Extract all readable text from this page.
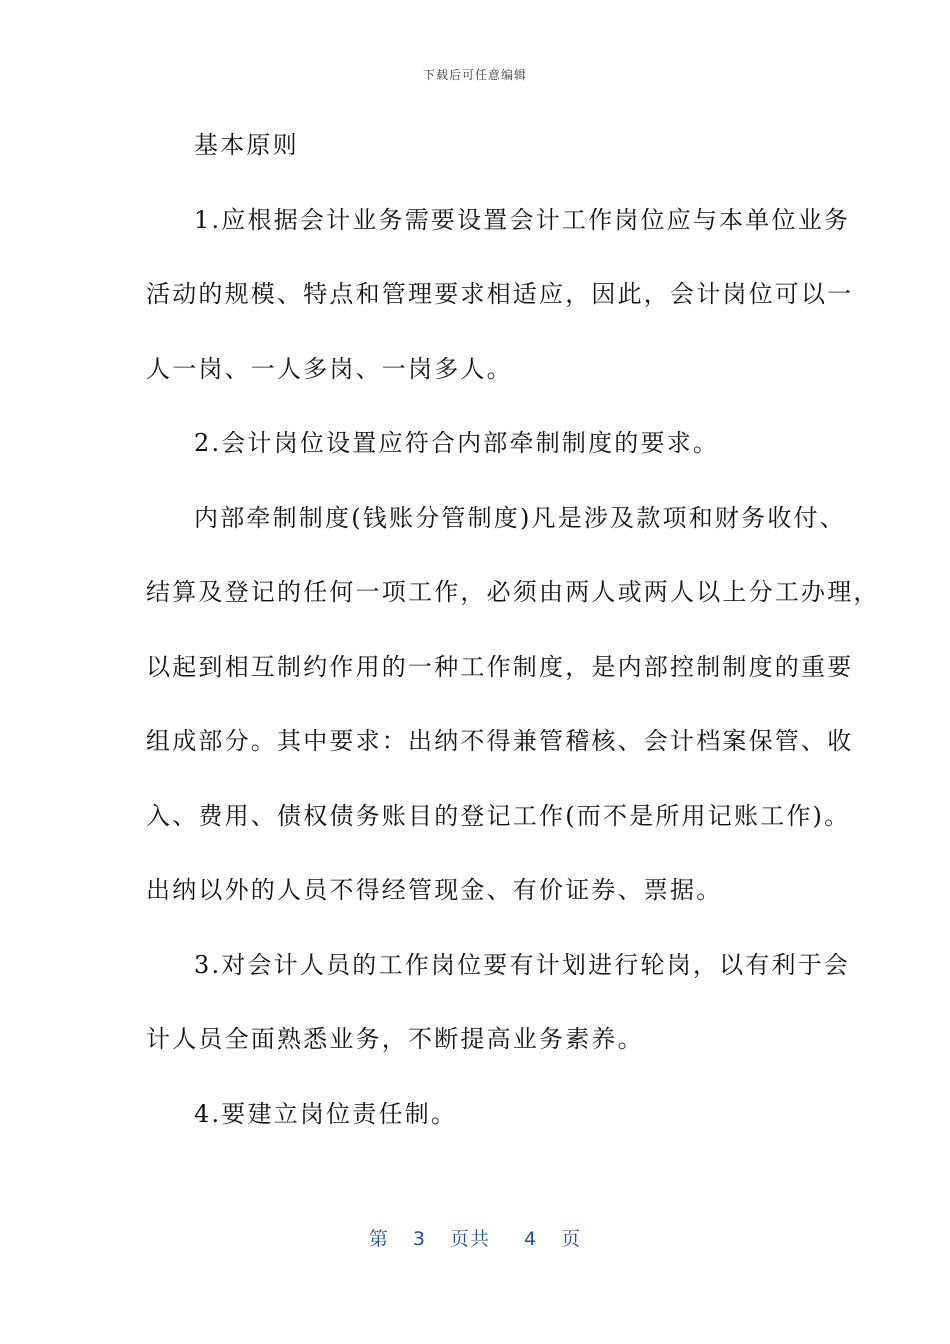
下载后可任意编辑
基本原则
1.应根据会计业务需要设置会计工作岗位应与本单位业务
活动的规模、特点和管理要求相适应，因此，会计岗位可以一
人一岗、一人多岗、一岗多人。
2.会计岗位设置应符合内部牵制制度的要求。
内部牵制制度(钱账分管制度)凡是涉及款项和财务收付、
结算及登记的任何一项工作，必须由两人或两人以上分工办理，
以起到相互制约作用的一种工作制度，是内部控制制度的重要
组成部分。其中要求：出纳不得兼管稽核、会计档案保管、收
入、费用、债权债务账目的登记工作(而不是所用记账工作)。
出纳以外的人员不得经管现金、有价证券、票据。
3.对会计人员的工作岗位要有计划进行轮岗，以有利于会
计人员全面熟悉业务，不断提高业务素养。
4.要建立岗位责任制。
第 3 页共 4 页
